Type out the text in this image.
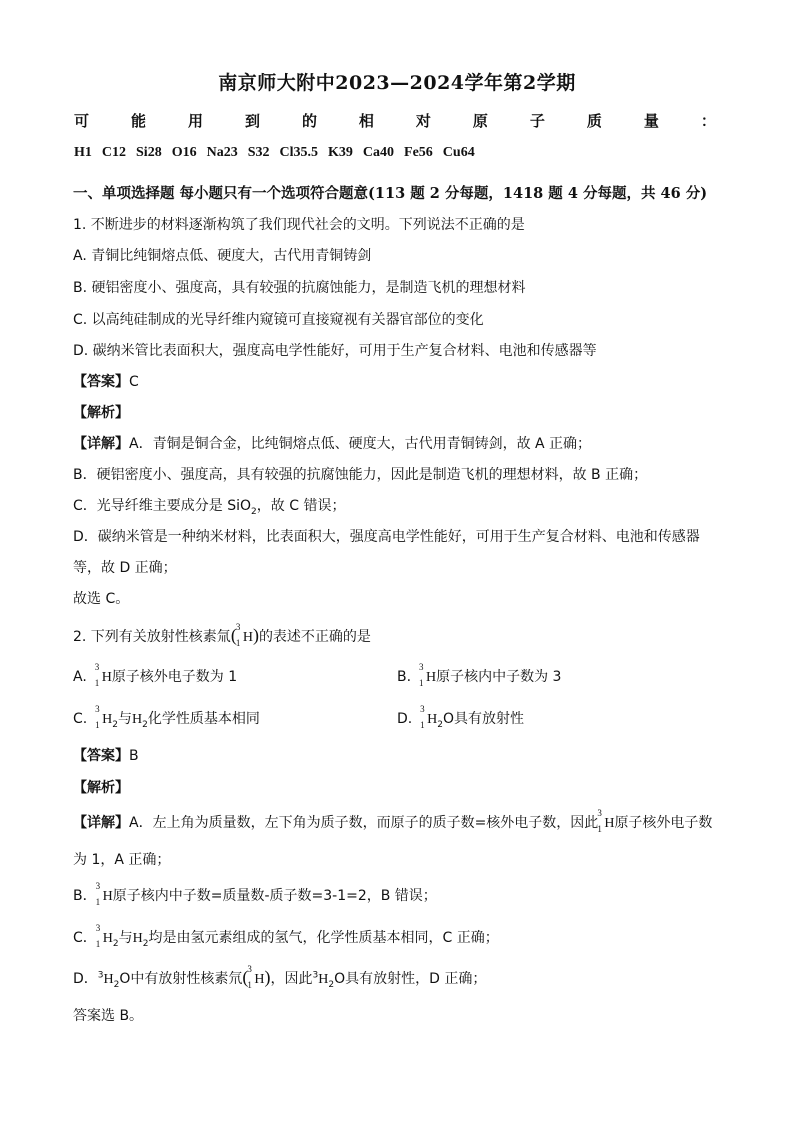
南京师大附中2023—2024学年第2学期
可	能	用	到	的	相	对	原	子	质	量	：
H1 C12 Si28 O16 Na23 S32 Cl35.5 K39 Ca40 Fe56 Cu64
一、单项选择题 每小题只有一个选项符合题意(113 题 2 分每题，1418 题 4 分每题，共 46 分)
1. 不断进步的材料逐渐构筑了我们现代社会的文明。下列说法不正确的是
A. 青铜比纯铜熔点低、硬度大，古代用青铜铸剑
B. 硬铝密度小、强度高，具有较强的抗腐蚀能力，是制造飞机的理想材料
C. 以高纯硅制成的光导纤维内窥镜可直接窥视有关器官部位的变化
D. 碳纳米管比表面积大，强度高电学性能好，可用于生产复合材料、电池和传感器等
【答案】C
【解析】
【详解】A．青铜是铜合金，比纯铜熔点低、硬度大，古代用青铜铸剑，故 A 正确；
B．硬铝密度小、强度高，具有较强的抗腐蚀能力，因此是制造飞机的理想材料，故 B 正确；
C．光导纤维主要成分是 SiO$_2$，故 C 错误；
D．碳纳米管是一种纳米材料，比表面积大，强度高电学性能好，可用于生产复合材料、电池和传感器
等，故 D 正确；
故选 C。
2. 下列有关放射性核素氚( 3
1 H)的表述不正确的是
A.
3
1 H原子核外电子数为 1	B.
3
1 H原子核内中子数为 3
C.
3
1 $H_2$与$H_2$化学性质基本相同	D.
3
1 $H_2O$具有放射性
【答案】B
【解析】
【详解】A．左上角为质量数，左下角为质子数，而原子的质子数=核外电子数，因此
3
1 H原子核外电子数
为 1，A 正确；
B．
3
1 H原子核内中子数=质量数-质子数=3-1=2，B 错误；
C．
3
1 $H_2$与$H_2$均是由氢元素组成的氢气，化学性质基本相同，C 正确；
D．$^3H_2O$中有放射性核素氘( 3
1 H)，因此$^3H_2O$具有放射性，D 正确；
答案选 B。
